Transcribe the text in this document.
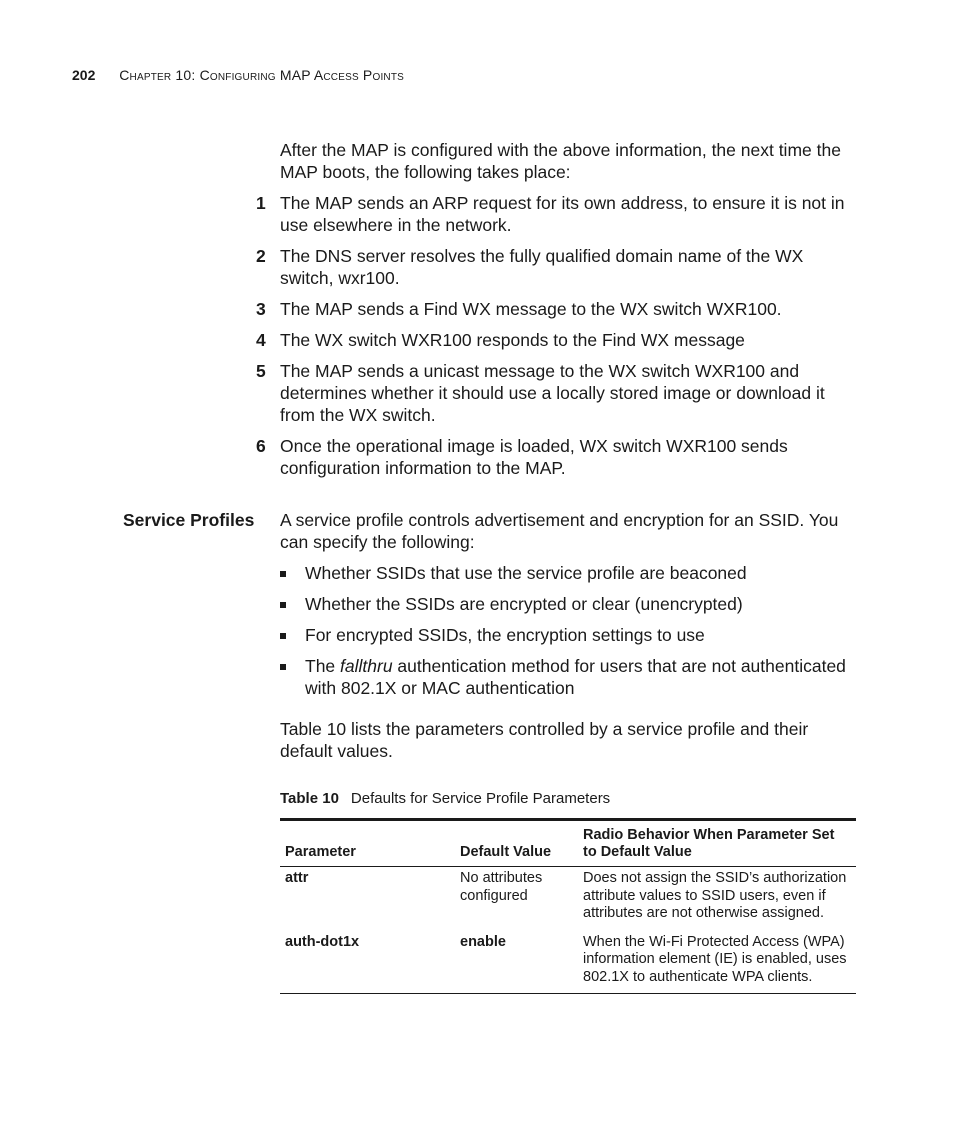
202 Chapter 10: Configuring MAP Access Points

After the MAP is configured with the above information, the next time the MAP boots, the following takes place:

1 The MAP sends an ARP request for its own address, to ensure it is not in use elsewhere in the network.
2 The DNS server resolves the fully qualified domain name of the WX switch, wxr100.
3 The MAP sends a Find WX message to the WX switch WXR100.
4 The WX switch WXR100 responds to the Find WX message
5 The MAP sends a unicast message to the WX switch WXR100 and determines whether it should use a locally stored image or download it from the WX switch.
6 Once the operational image is loaded, WX switch WXR100 sends configuration information to the MAP.
Service Profiles A service profile controls advertisement and encryption for an SSID. You can specify the following:

Whether SSIDs that use the service profile are beaconed
Whether the SSIDs are encrypted or clear (unencrypted)
For encrypted SSIDs, the encryption settings to use
The fallthru authentication method for users that are not authenticated with 802.1X or MAC authentication

Table 10 lists the parameters controlled by a service profile and their default values.

Table 10 Defaults for Service Profile Parameters
Parameter	Default Value	Radio Behavior When Parameter Set to Default Value
attr	No attributes configured	Does not assign the SSID’s authorization attribute values to SSID users, even if attributes are not otherwise assigned.
auth-dot1x	enable	When the Wi-Fi Protected Access (WPA) information element (IE) is enabled, uses 802.1X to authenticate WPA clients.
